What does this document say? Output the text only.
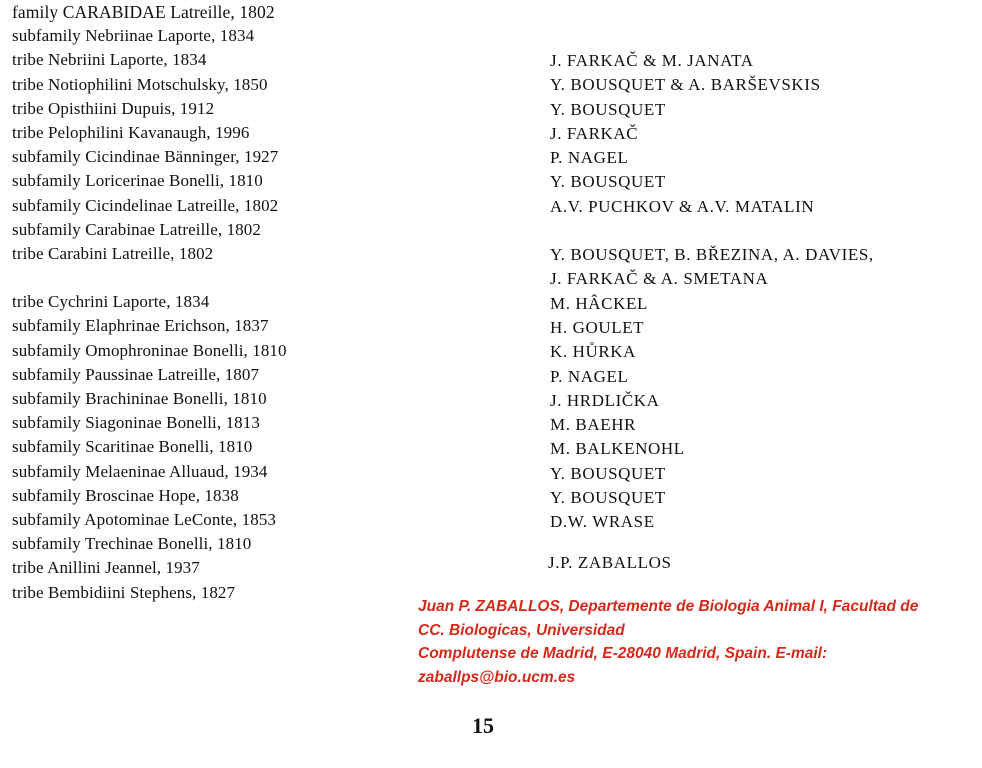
family CARABIDAE Latreille, 1802
subfamily Nebriinae Laporte, 1834
tribe Nebriini Laporte, 1834
tribe Notiophilini Motschulsky, 1850
tribe Opisthiini Dupuis, 1912
tribe Pelophilini Kavanaugh, 1996
subfamily Cicindinae Bänninger, 1927
subfamily Loricerinae Bonelli, 1810
subfamily Cicindelinae Latreille, 1802
subfamily Carabinae Latreille, 1802
tribe Carabini Latreille, 1802
tribe Cychrini Laporte, 1834
subfamily Elaphrinae Erichson, 1837
subfamily Omophroninae Bonelli, 1810
subfamily Paussinae Latreille, 1807
subfamily Brachininae Bonelli, 1810
subfamily Siagoninae Bonelli, 1813
subfamily Scaritinae Bonelli, 1810
subfamily Melaeninae Alluaud, 1934
subfamily Broscinae Hope, 1838
subfamily Apotominae LeConte, 1853
subfamily Trechinae Bonelli, 1810
tribe Anillini Jeannel, 1937
tribe Bembidiini Stephens, 1827
J. FARKAČ & M. JANATA
Y. BOUSQUET & A. BARŠEVSKIS
Y. BOUSQUET
J. FARKAČ
P. NAGEL
Y. BOUSQUET
A.V. PUCHKOV & A.V. MATALIN
Y. BOUSQUET, B. BŘEZINA, A. DAVIES,
J. FARKAČ & A. SMETANA
M. HÂCKEL
H. GOULET
K. HŮRKA
P. NAGEL
J. HRDLIČKA
M. BAEHR
M. BALKENOHL
Y. BOUSQUET
Y. BOUSQUET
D.W. WRASE
J.P. ZABALLOS
Juan P. ZABALLOS, Departemente de Biologia Animal I, Facultad de
CC. Biologicas, Universidad
Complutense de Madrid, E-28040 Madrid, Spain. E-mail:
zaballps@bio.ucm.es
15
